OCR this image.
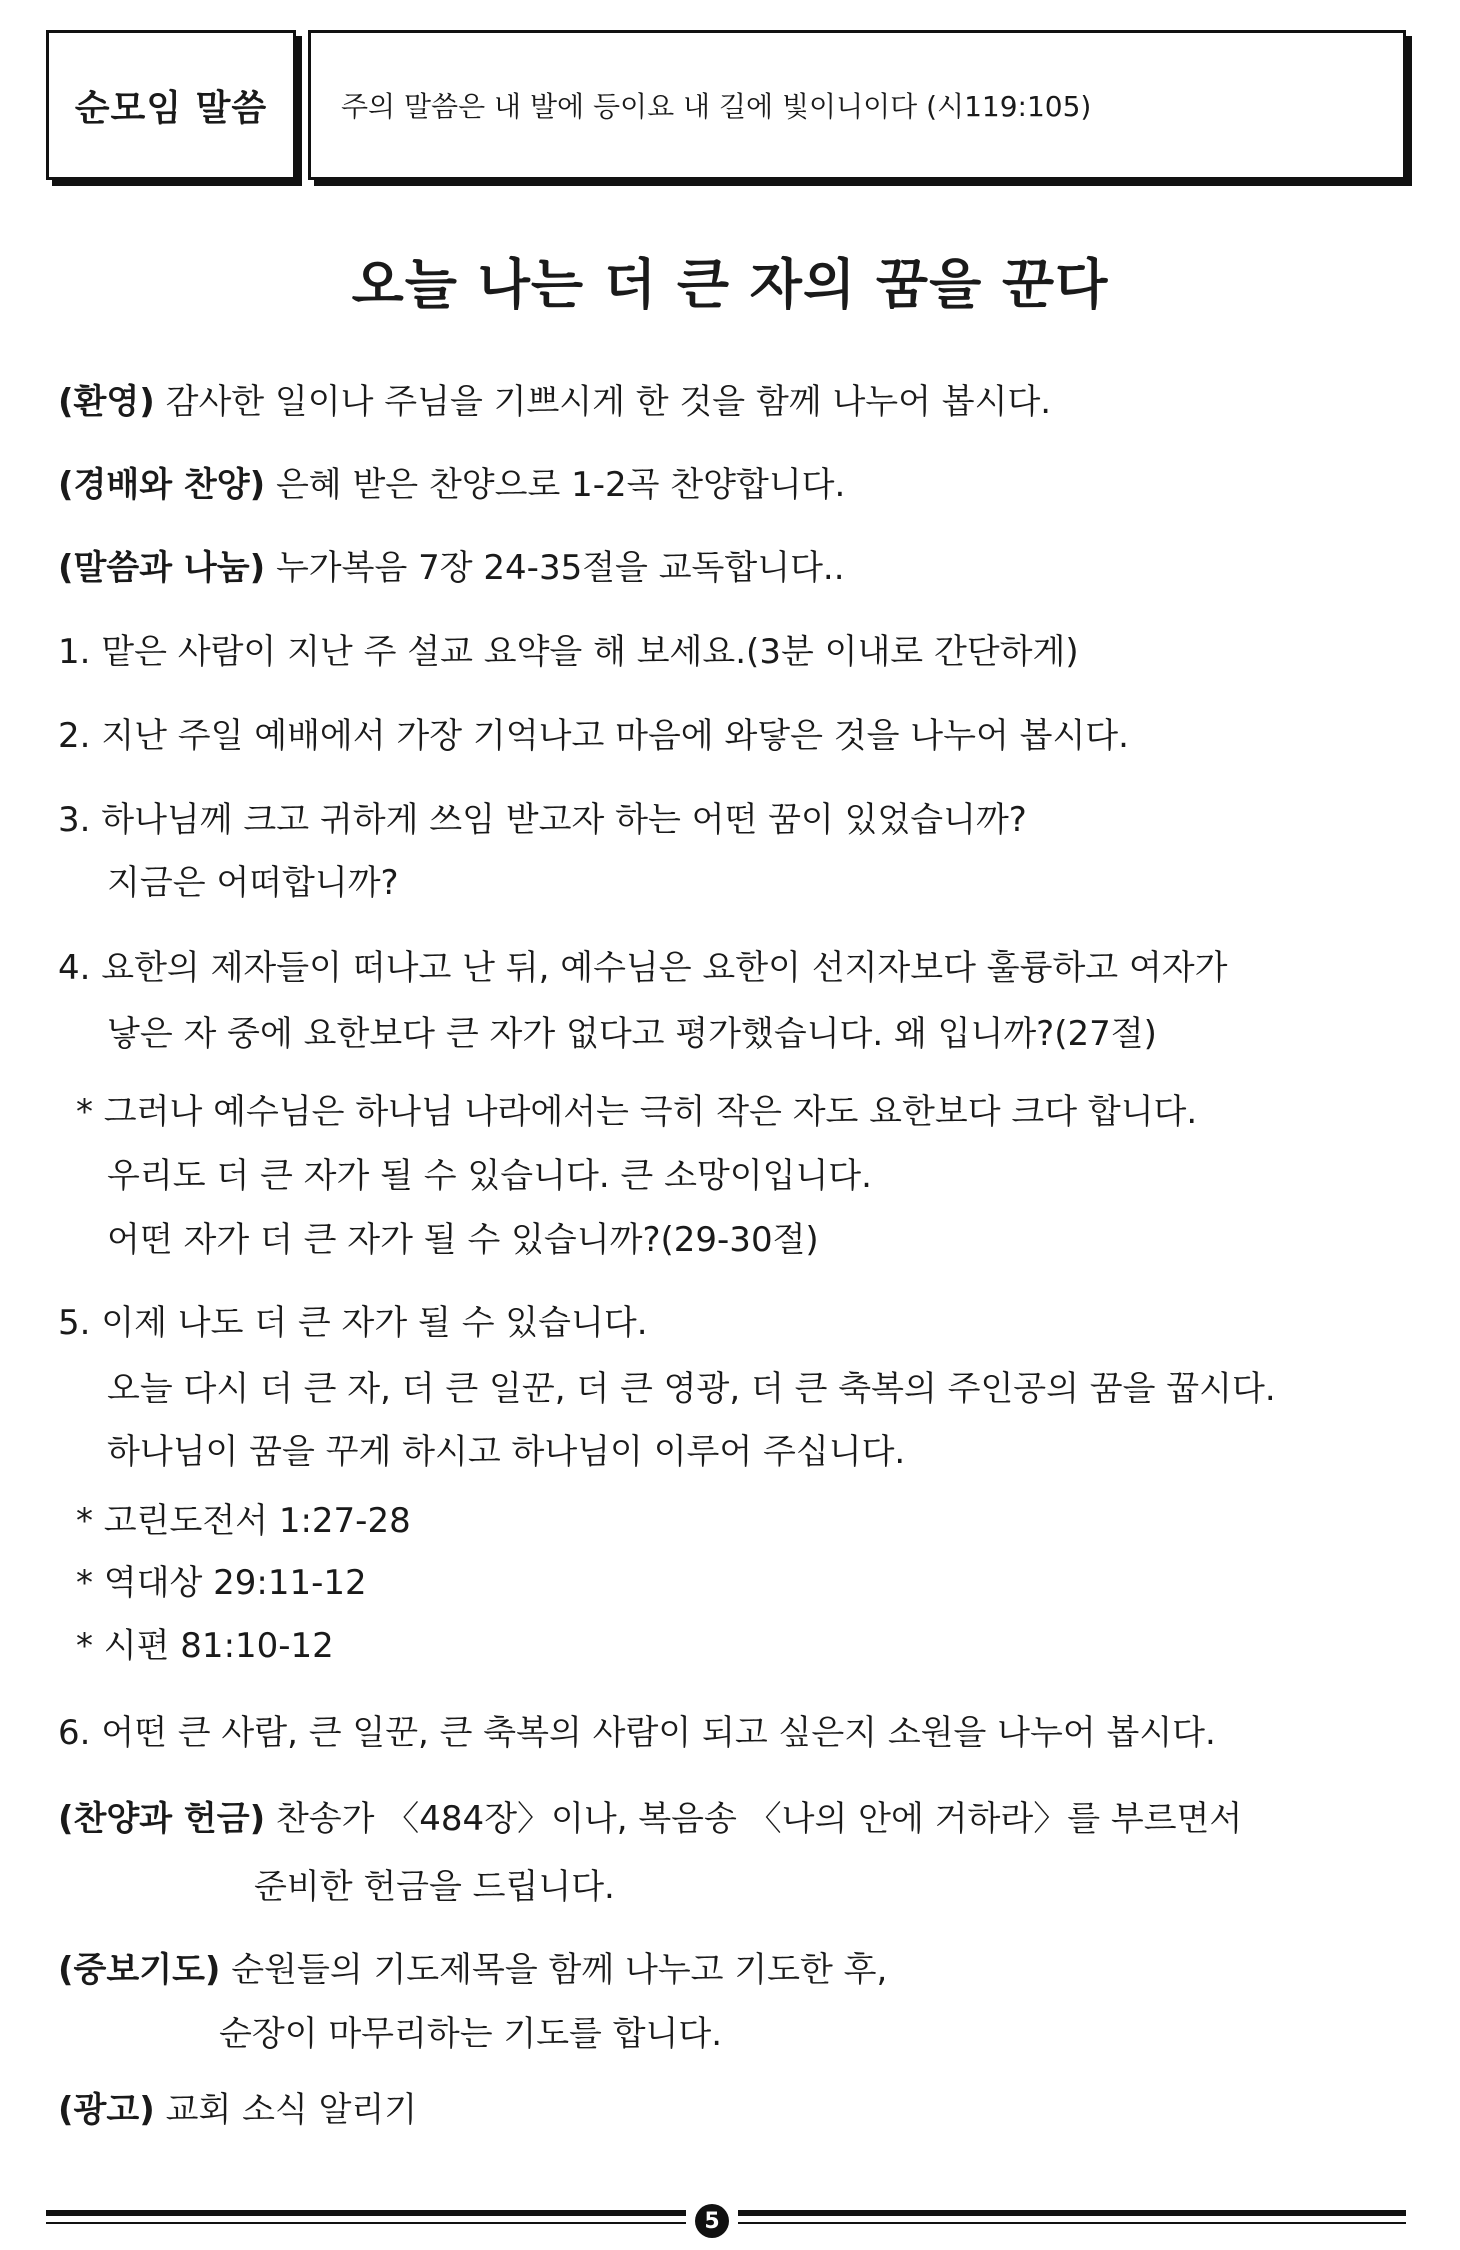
순모임 말씀	주의 말씀은 내 발에 등이요 내 길에 빛이니이다 (시119:105)
오늘 나는 더 큰 자의 꿈을 꾼다
(환영) 감사한 일이나 주님을 기쁘시게 한 것을 함께 나누어 봅시다.
(경배와 찬양) 은혜 받은 찬양으로 1-2곡 찬양합니다.
(말씀과 나눔) 누가복음 7장 24-35절을 교독합니다..
1. 맡은 사람이 지난 주 설교 요약을 해 보세요.(3분 이내로 간단하게)
2. 지난 주일 예배에서 가장 기억나고 마음에 와닿은 것을 나누어 봅시다.
3. 하나님께 크고 귀하게 쓰임 받고자 하는 어떤 꿈이 있었습니까?
지금은 어떠합니까?
4. 요한의 제자들이 떠나고 난 뒤, 예수님은 요한이 선지자보다 훌륭하고 여자가
낳은 자 중에 요한보다 큰 자가 없다고 평가했습니다. 왜 입니까?(27절)
* 그러나 예수님은 하나님 나라에서는 극히 작은 자도 요한보다 크다 합니다.
우리도 더 큰 자가 될 수 있습니다. 큰 소망이입니다.
어떤 자가 더 큰 자가 될 수 있습니까?(29-30절)
5. 이제 나도 더 큰 자가 될 수 있습니다.
오늘 다시 더 큰 자, 더 큰 일꾼, 더 큰 영광, 더 큰 축복의 주인공의 꿈을 꿉시다.
하나님이 꿈을 꾸게 하시고 하나님이 이루어 주십니다.
* 고린도전서 1:27-28
* 역대상 29:11-12
* 시편 81:10-12
6. 어떤 큰 사람, 큰 일꾼, 큰 축복의 사람이 되고 싶은지 소원을 나누어 봅시다.
(찬양과 헌금) 찬송가 〈484장〉이나, 복음송 〈나의 안에 거하라〉를 부르면서
준비한 헌금을 드립니다.
(중보기도) 순원들의 기도제목을 함께 나누고 기도한 후,
순장이 마무리하는 기도를 합니다.
(광고) 교회 소식 알리기
5
